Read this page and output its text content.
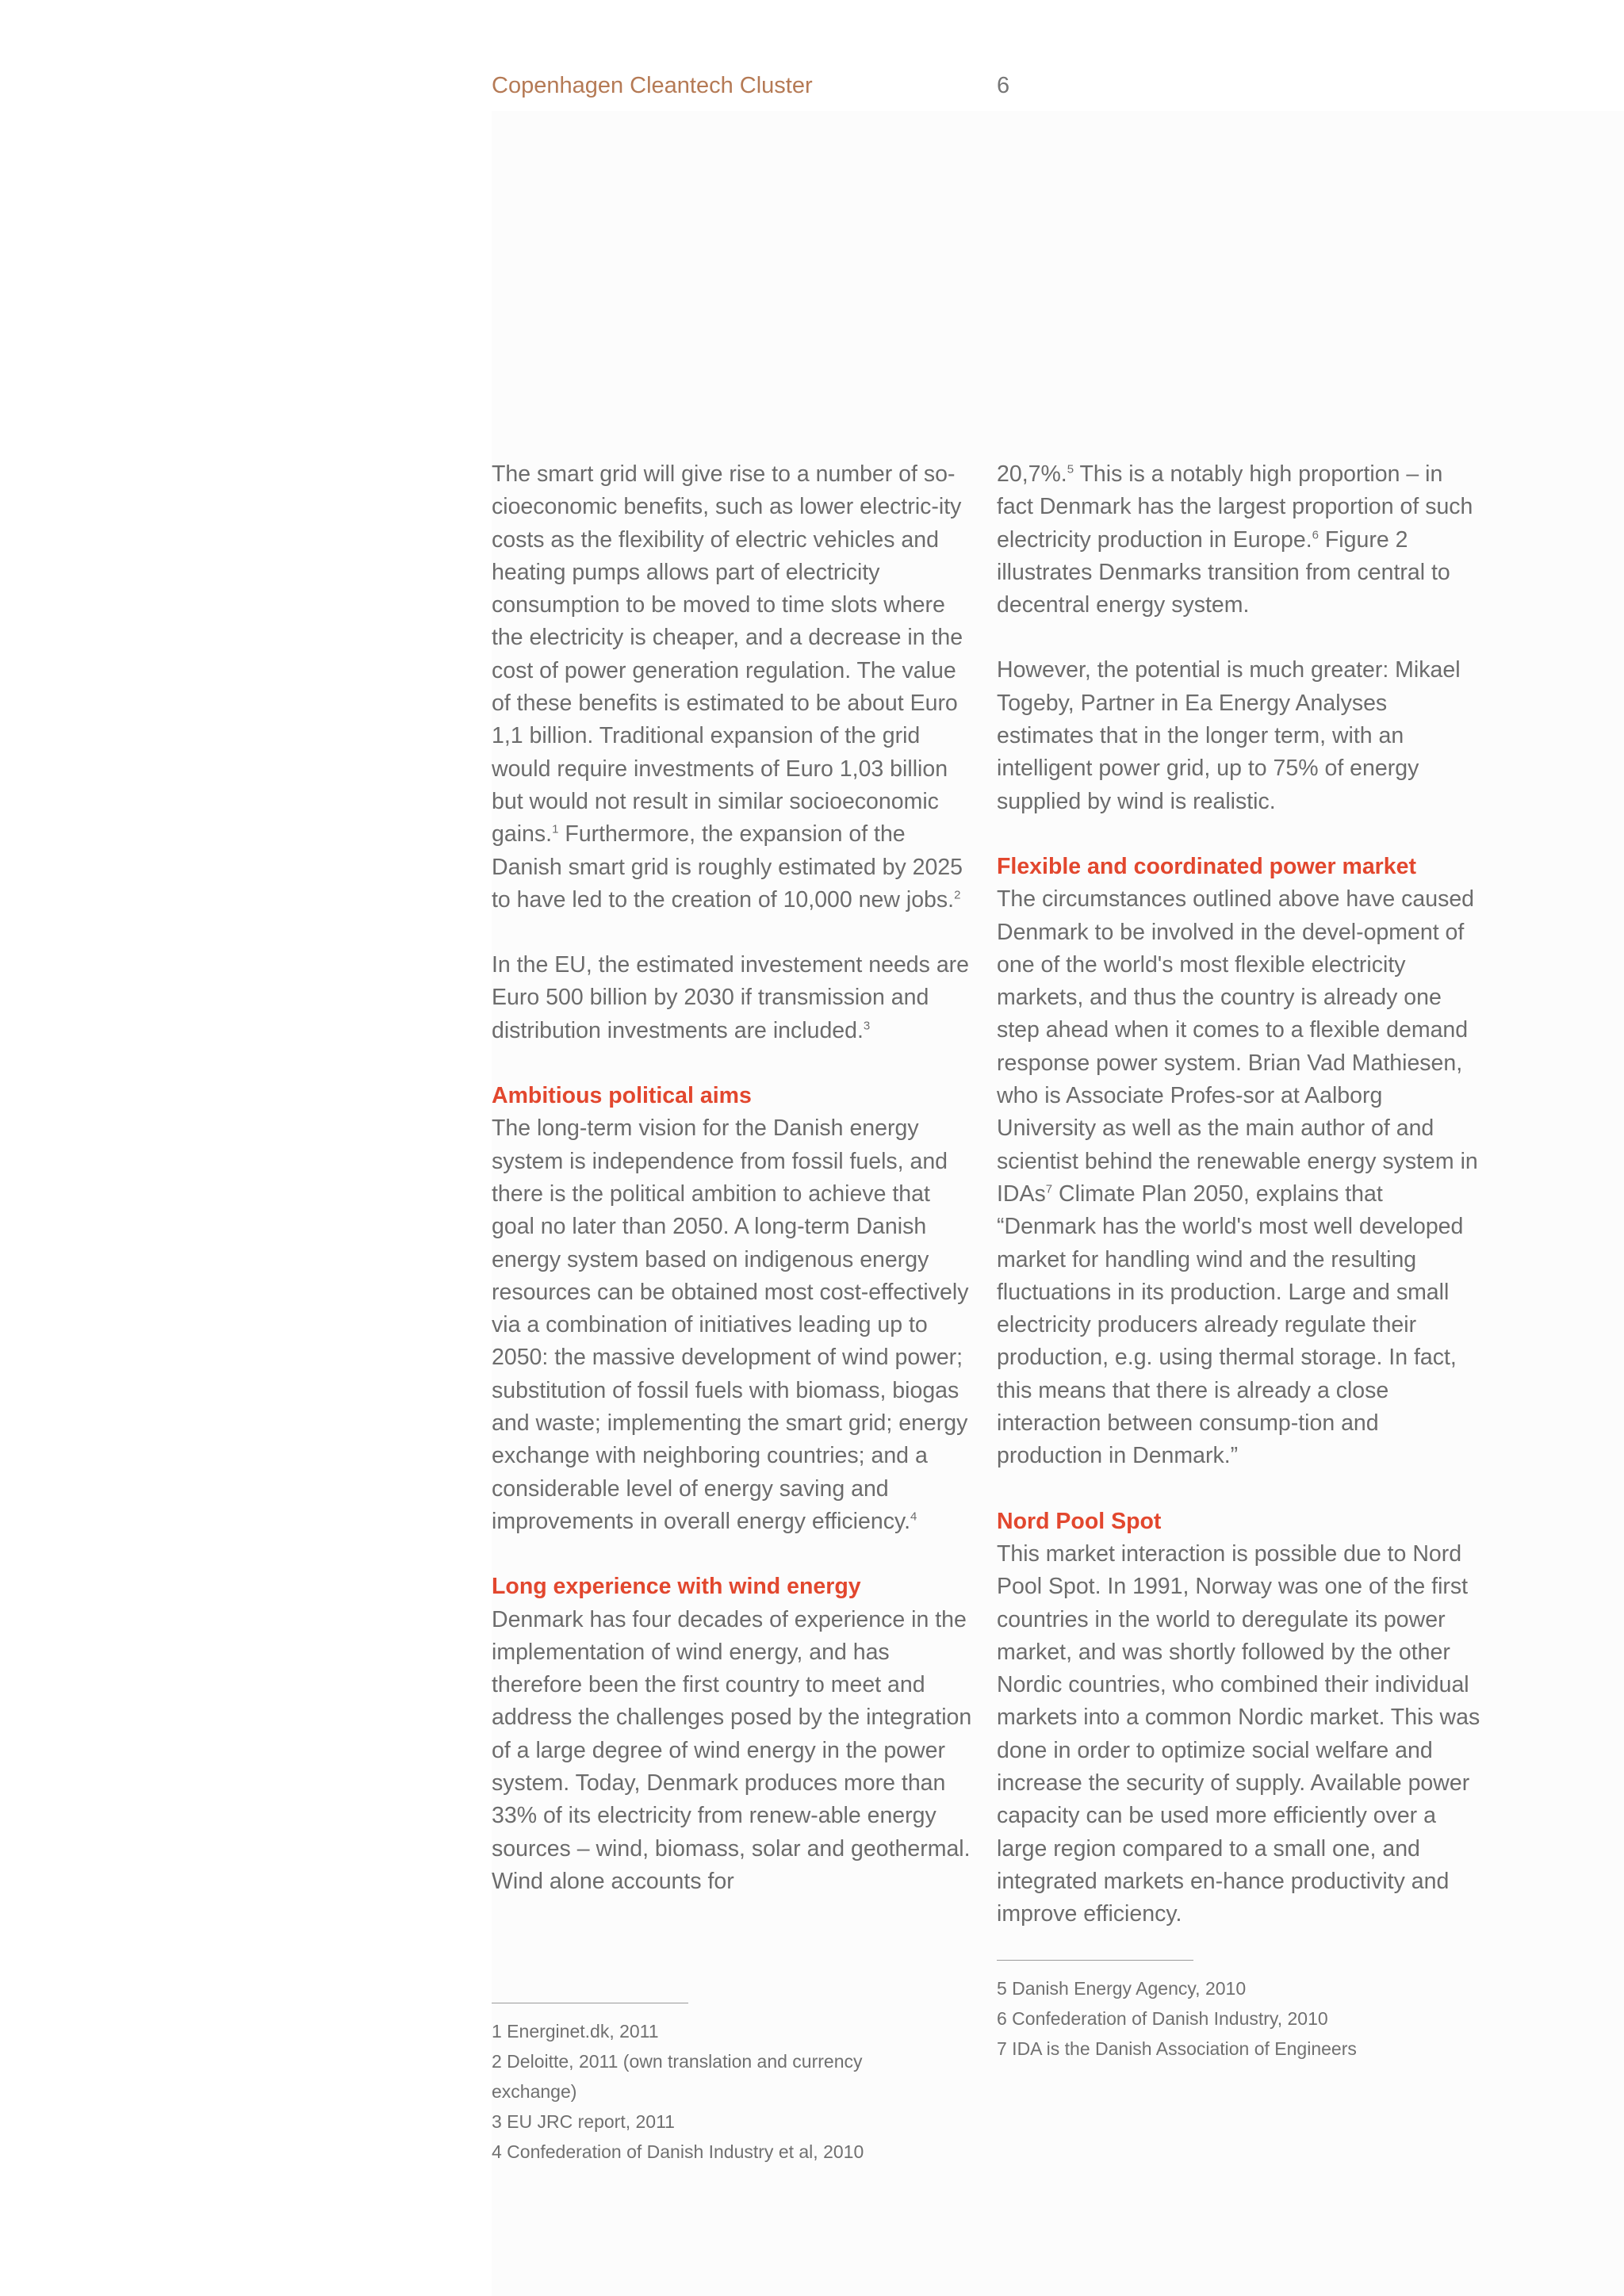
Copenhagen Cleantech Cluster	6

The smart grid will give rise to a number of so-cioeconomic benefits, such as lower electric-ity costs as the flexibility of electric vehicles and heating pumps allows part of electricity consumption to be moved to time slots where the electricity is cheaper, and a decrease in the cost of power generation regulation. The value of these benefits is estimated to be about Euro 1,1 billion. Traditional expansion of the grid would require investments of Euro 1,03 billion but would not result in similar socioeconomic gains.$^1$ Furthermore, the expansion of the Danish smart grid is roughly estimated by 2025 to have led to the creation of 10,000 new jobs.$^2$

In the EU, the estimated investement needs are Euro 500 billion by 2030 if transmission and distribution investments are included.$^3$

Ambitious political aims

The long-term vision for the Danish energy system is independence from fossil fuels, and there is the political ambition to achieve that goal no later than 2050. A long-term Danish energy system based on indigenous energy resources can be obtained most cost-effectively via a combination of initiatives leading up to 2050: the massive development of wind power; substitution of fossil fuels with biomass, biogas and waste; implementing the smart grid; energy exchange with neighboring countries; and a considerable level of energy saving and improvements in overall energy efficiency.$^4$

Long experience with wind energy

Denmark has four decades of experience in the implementation of wind energy, and has therefore been the first country to meet and address the challenges posed by the integration of a large degree of wind energy in the power system. Today, Denmark produces more than 33% of its electricity from renew-able energy sources – wind, biomass, solar and geothermal. Wind alone accounts for

20,7%.$^5$ This is a notably high proportion – in fact Denmark has the largest proportion of such electricity production in Europe.$^6$ Figure 2 illustrates Denmarks transition from central to decentral energy system.

However, the potential is much greater: Mikael Togeby, Partner in Ea Energy Analyses estimates that in the longer term, with an intelligent power grid, up to 75% of energy supplied by wind is realistic.

Flexible and coordinated power market

The circumstances outlined above have caused Denmark to be involved in the devel-opment of one of the world's most flexible electricity markets, and thus the country is already one step ahead when it comes to a flexible demand response power system. Brian Vad Mathiesen, who is Associate Profes-sor at Aalborg University as well as the main author of and scientist behind the renewable energy system in IDAs$^7$ Climate Plan 2050, explains that “Denmark has the world's most well developed market for handling wind and the resulting fluctuations in its production. Large and small electricity producers already regulate their production, e.g. using thermal storage. In fact, this means that there is already a close interaction between consump-tion and production in Denmark.”

Nord Pool Spot

This market interaction is possible due to Nord Pool Spot. In 1991, Norway was one of the first countries in the world to deregulate its power market, and was shortly followed by the other Nordic countries, who combined their individual markets into a common Nordic market. This was done in order to optimize social welfare and increase the security of supply. Available power capacity can be used more efficiently over a large region compared to a small one, and integrated markets en-hance productivity and improve efficiency.

1 Energinet.dk, 2011
2 Deloitte, 2011 (own translation and currency exchange)
3 EU JRC report, 2011
4 Confederation of Danish Industry et al, 2010
5 Danish Energy Agency, 2010
6 Confederation of Danish Industry, 2010
7 IDA is the Danish Association of Engineers
